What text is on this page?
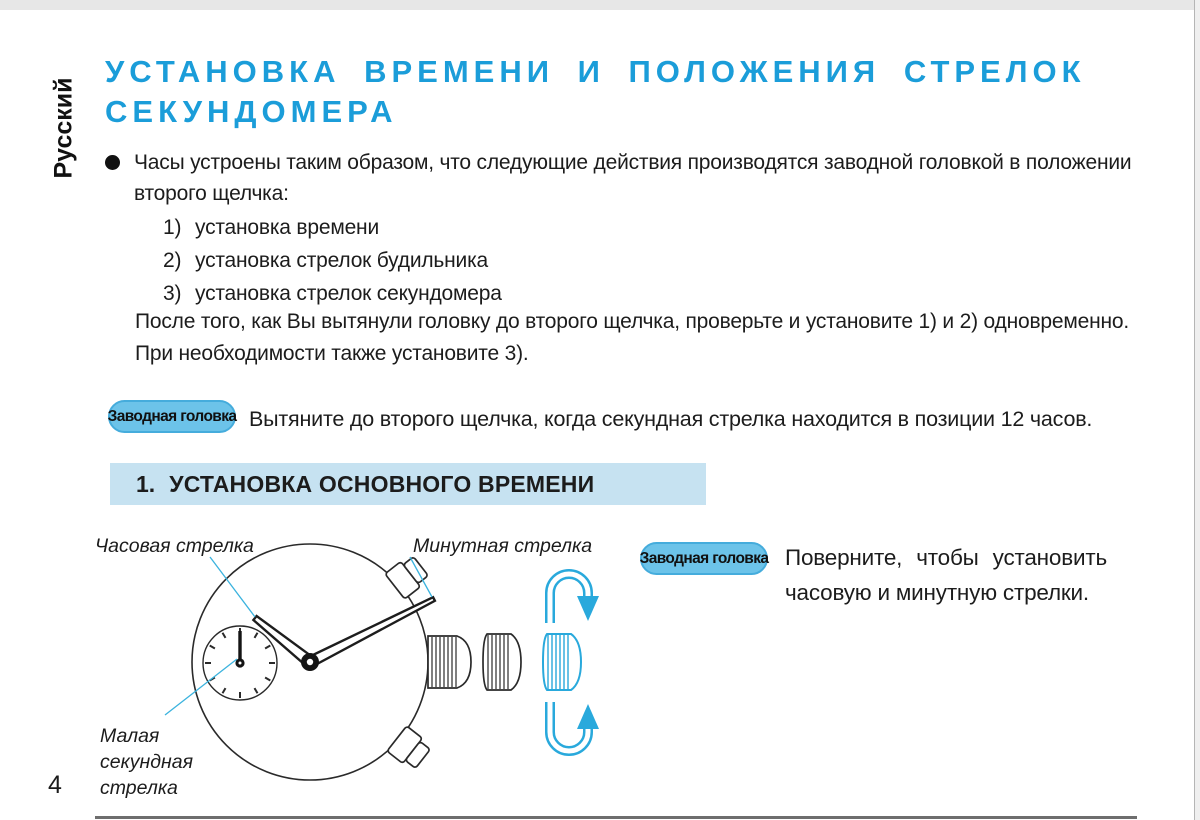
Русский
УСТАНОВКА ВРЕМЕНИ И ПОЛОЖЕНИЯ СТРЕЛОК
СЕКУНДОМЕРА
Часы устроены таким образом, что следующие действия производятся заводной головкой в положении
второго щелчка:
1) установка времени
2) установка стрелок будильника
3) установка стрелок секундомера
После того, как Вы вытянули головку до второго щелчка, проверьте и установите 1) и 2) одновременно.
При необходимости также установите 3).
Заводная головка Вытяните до второго щелчка, когда секундная стрелка находится в позиции 12 часов.
1. УСТАНОВКА ОСНОВНОГО ВРЕМЕНИ
Часовая стрелка	Минутная стрелка
Малая секундная стрелка
Заводная головка Поверните, чтобы установить
часовую и минутную стрелки.
4
